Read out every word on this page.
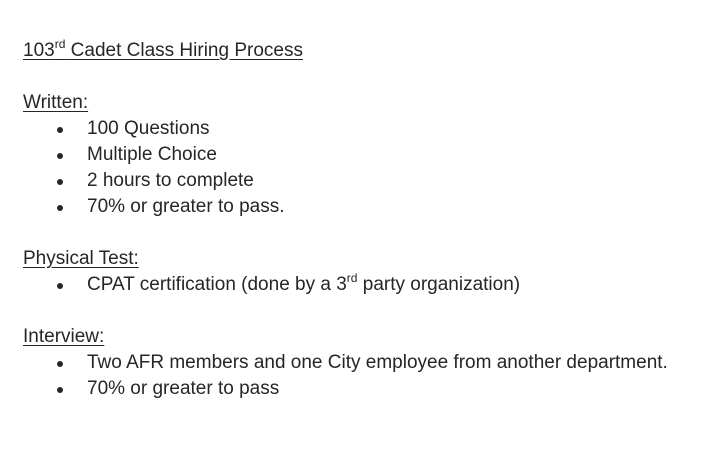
103rd Cadet Class Hiring Process
Written:
100 Questions
Multiple Choice
2 hours to complete
70% or greater to pass.
Physical Test:
CPAT certification (done by a 3rd party organization)
Interview:
Two AFR members and one City employee from another department.
70% or greater to pass
